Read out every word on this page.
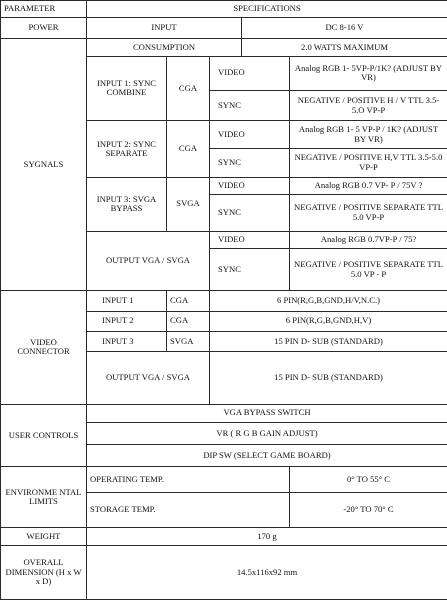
PARAMETER	SPECIFICATIONS				
POWER	INPUT			DC 8-16 V	
SYGNALS	CONSUMPTION			2.0 WATTS MAXIMUM	
	INPUT 1: SYNC COMBINE	CGA	VIDEO		Analog RGB 1- 5VP-P/1K? (ADJUST BY VR)
			SYNC		NEGATIVE / POSITIVE H / V TTL 3.5- 5.O VP-P
	INPUT 2: SYNC SEPARATE	CGA	VIDEO		Analog RGB 1- 5 VP-P / 1K? (ADJUST BY VR)
			SYNC		NEGATIVE / POSITIVE H,V TTL 3.5-5.0 VP-P
	INPUT 3: SVGA BYPASS	SVGA	VIDEO		Analog RGB 0.7 VP- P / 75V ?
			SYNC		NEGATIVE / POSITIVE SEPARATE TTL 5.0 VP-P
	OUTPUT VGA / SVGA		VIDEO		Analog RGB 0.7VP-P / 75?
			SYNC		NEGATIVE / POSITIVE SEPARATE TTL 5.0 VP - P
VIDEO CONNECTOR	INPUT 1	CGA	6 PIN(R,G,B,GND,H/V,N.C.)		
	INPUT 2	CGA	6 PIN(R,G,B,GND,H,V)		
	INPUT 3	SVGA	15 PIN D- SUB (STANDARD)		
	OUTPUT VGA / SVGA		15 PIN D- SUB (STANDARD)		
USER CONTROLS	VGA BYPASS SWITCH				
	VR ( R G B GAIN ADJUST)				
	DIP SW (SELECT GAME BOARD)				
ENVIRONME NTAL LIMITS	OPERATING TEMP.				0° TO 55° C
	STORAGE TEMP.				-20° TO 70° C
WEIGHT	170 g				
OVERALL DIMENSION (H x W x D)	14.5x116x92 mm				
